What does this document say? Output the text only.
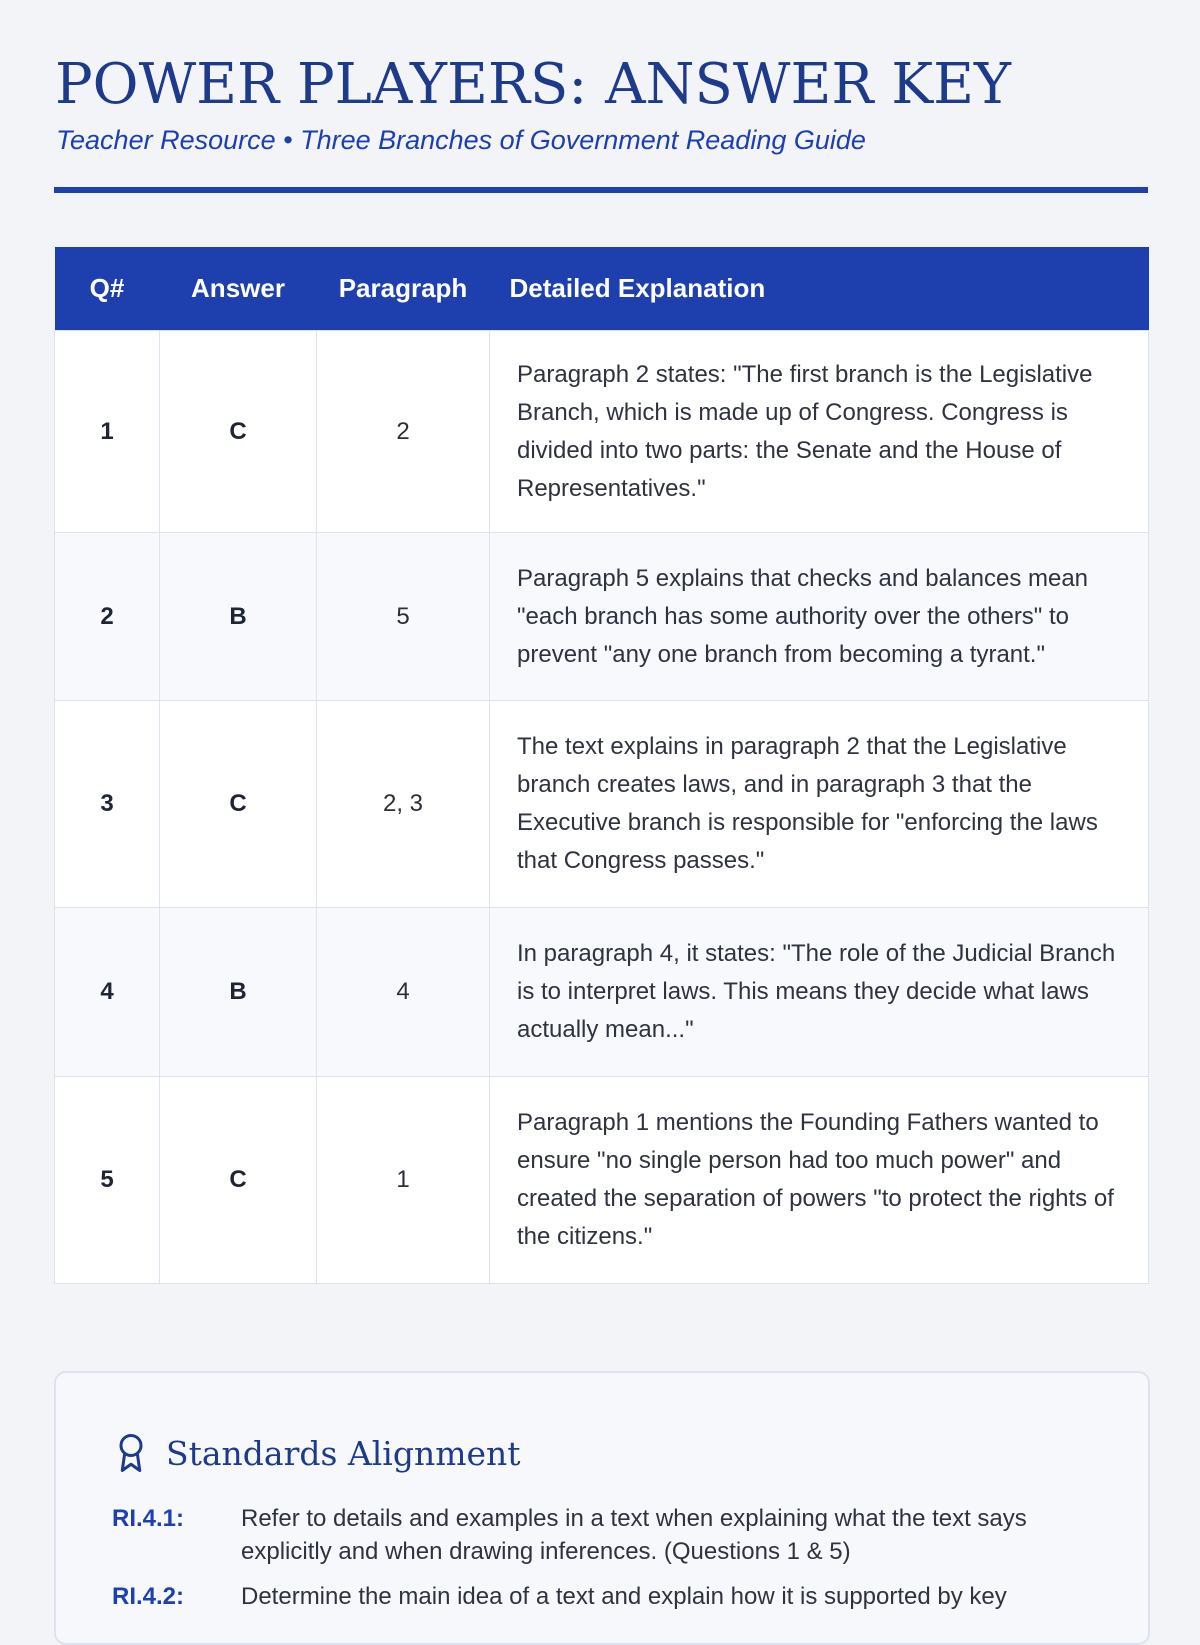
POWER PLAYERS: ANSWER KEY
Teacher Resource • Three Branches of Government Reading Guide
Q#	Answer	Paragraph	Detailed Explanation
1	C	2	Paragraph 2 states: "The first branch is the Legislative Branch, which is made up of Congress. Congress is divided into two parts: the Senate and the House of Representatives."
2	B	5	Paragraph 5 explains that checks and balances mean "each branch has some authority over the others" to prevent "any one branch from becoming a tyrant."
3	C	2, 3	The text explains in paragraph 2 that the Legislative branch creates laws, and in paragraph 3 that the Executive branch is responsible for "enforcing the laws that Congress passes."
4	B	4	In paragraph 4, it states: "The role of the Judicial Branch is to interpret laws. This means they decide what laws actually mean..."
5	C	1	Paragraph 1 mentions the Founding Fathers wanted to ensure "no single person had too much power" and created the separation of powers "to protect the rights of the citizens."
Standards Alignment
RI.4.1: Refer to details and examples in a text when explaining what the text says explicitly and when drawing inferences. (Questions 1 & 5)
RI.4.2: Determine the main idea of a text and explain how it is supported by key
